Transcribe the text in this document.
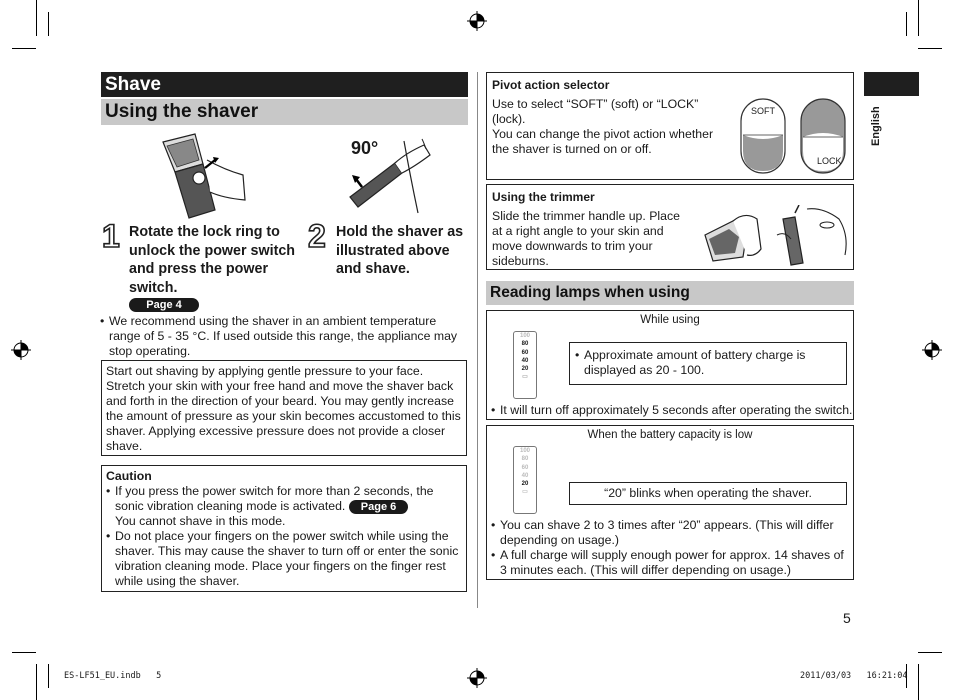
Shave
Using the shaver
90°
1 Rotate the lock ring to unlock the power switch and press the power switch.
Page 4
2 Hold the shaver as illustrated above and shave.
• We recommend using the shaver in an ambient temperature range of 5 - 35 °C. If used outside this range, the appliance may stop operating.
Start out shaving by applying gentle pressure to your face. Stretch your skin with your free hand and move the shaver back and forth in the direction of your beard. You may gently increase the amount of pressure as your skin becomes accustomed to this shaver. Applying excessive pressure does not provide a closer shave.
Caution
• If you press the power switch for more than 2 seconds, the sonic vibration cleaning mode is activated. Page 6
You cannot shave in this mode.
• Do not place your fingers on the power switch while using the shaver. This may cause the shaver to turn off or enter the sonic vibration cleaning mode. Place your fingers on the finger rest while using the shaver.
Pivot action selector
Use to select “SOFT” (soft) or “LOCK” (lock).
You can change the pivot action whether the shaver is turned on or off.
SOFT
LOCK
Using the trimmer
Slide the trimmer handle up. Place at a right angle to your skin and move downwards to trim your sideburns.
Reading lamps when using
While using
100
80
60
40
20
▭
• Approximate amount of battery charge is displayed as 20 - 100.
• It will turn off approximately 5 seconds after operating the switch.
When the battery capacity is low
100
80
60
40
20
▭	“20” blinks when operating the shaver.
• You can shave 2 to 3 times after “20” appears. (This will differ depending on usage.)
• A full charge will supply enough power for approx. 14 shaves of 3 minutes each. (This will differ depending on usage.)
English
5
ES-LF51_EU.indb   5	2011/03/03   16:21:04
